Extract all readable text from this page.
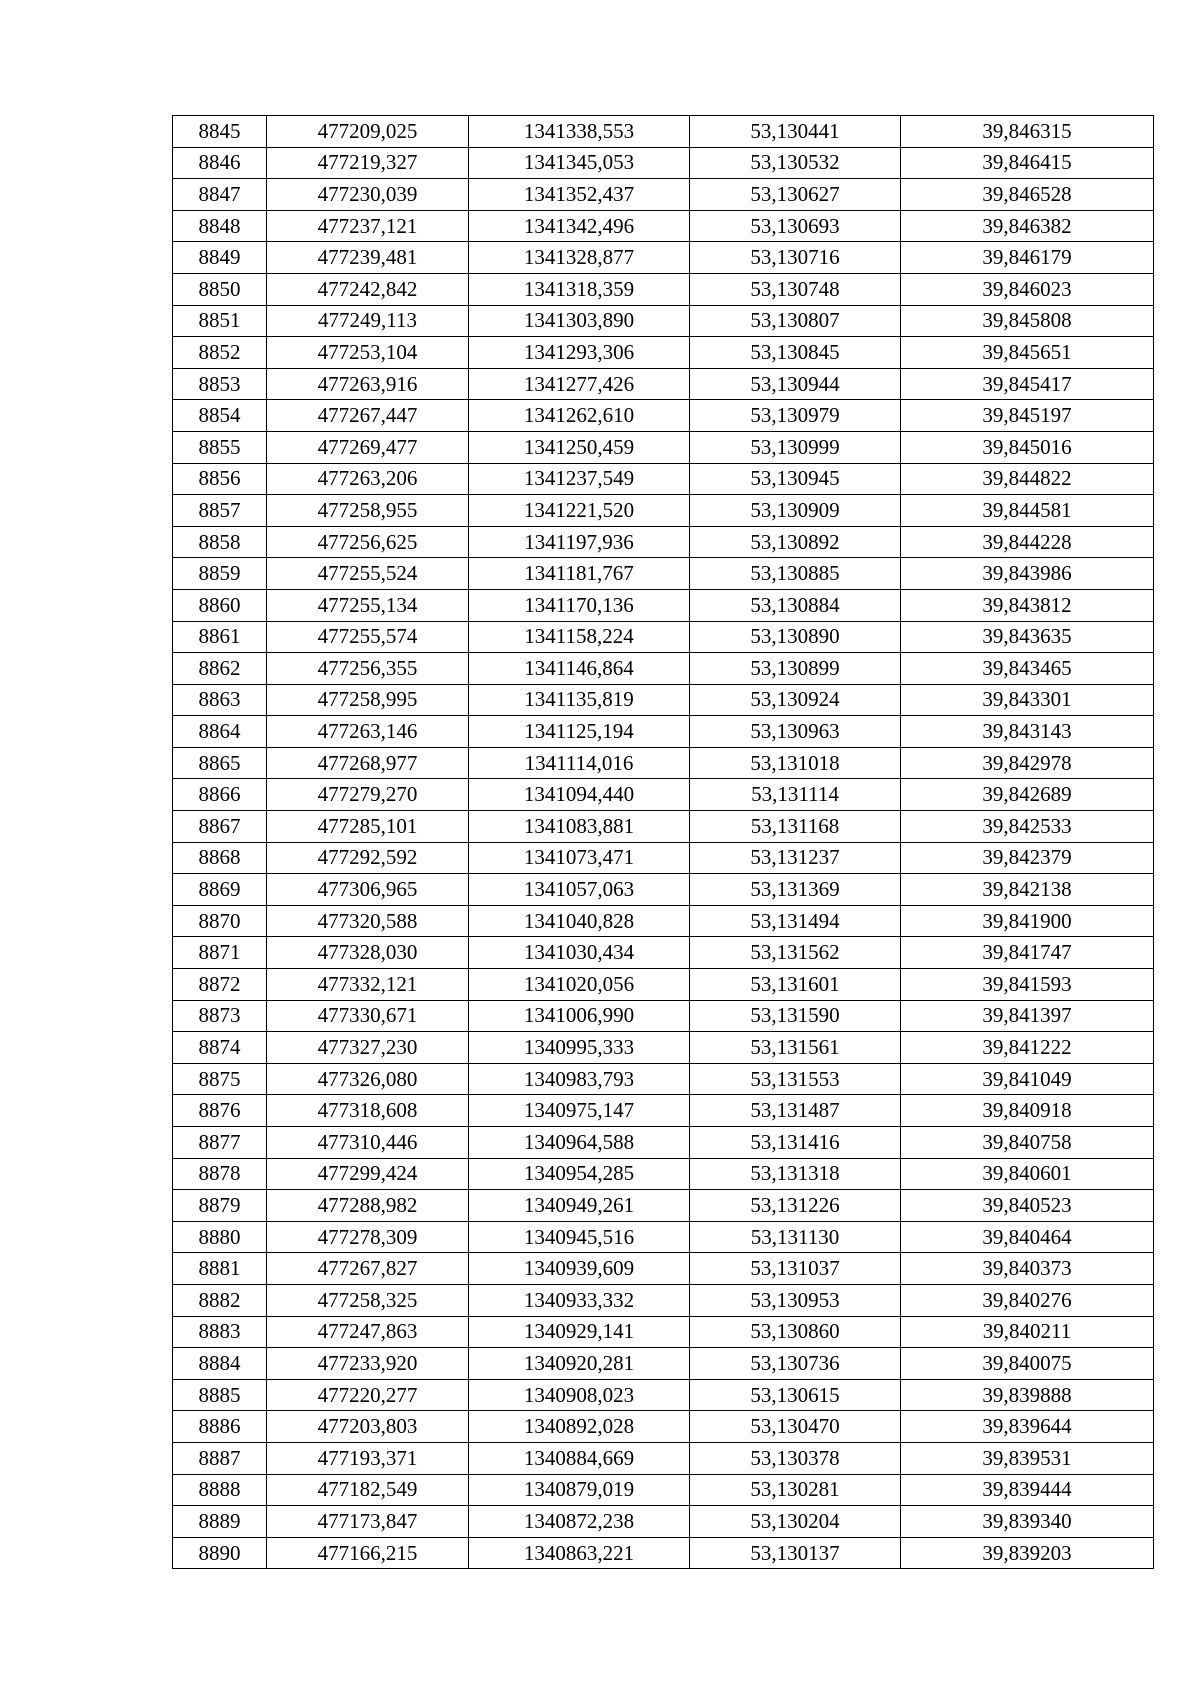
8845	477209,025	1341338,553	53,130441	39,846315
8846	477219,327	1341345,053	53,130532	39,846415
8847	477230,039	1341352,437	53,130627	39,846528
8848	477237,121	1341342,496	53,130693	39,846382
8849	477239,481	1341328,877	53,130716	39,846179
8850	477242,842	1341318,359	53,130748	39,846023
8851	477249,113	1341303,890	53,130807	39,845808
8852	477253,104	1341293,306	53,130845	39,845651
8853	477263,916	1341277,426	53,130944	39,845417
8854	477267,447	1341262,610	53,130979	39,845197
8855	477269,477	1341250,459	53,130999	39,845016
8856	477263,206	1341237,549	53,130945	39,844822
8857	477258,955	1341221,520	53,130909	39,844581
8858	477256,625	1341197,936	53,130892	39,844228
8859	477255,524	1341181,767	53,130885	39,843986
8860	477255,134	1341170,136	53,130884	39,843812
8861	477255,574	1341158,224	53,130890	39,843635
8862	477256,355	1341146,864	53,130899	39,843465
8863	477258,995	1341135,819	53,130924	39,843301
8864	477263,146	1341125,194	53,130963	39,843143
8865	477268,977	1341114,016	53,131018	39,842978
8866	477279,270	1341094,440	53,131114	39,842689
8867	477285,101	1341083,881	53,131168	39,842533
8868	477292,592	1341073,471	53,131237	39,842379
8869	477306,965	1341057,063	53,131369	39,842138
8870	477320,588	1341040,828	53,131494	39,841900
8871	477328,030	1341030,434	53,131562	39,841747
8872	477332,121	1341020,056	53,131601	39,841593
8873	477330,671	1341006,990	53,131590	39,841397
8874	477327,230	1340995,333	53,131561	39,841222
8875	477326,080	1340983,793	53,131553	39,841049
8876	477318,608	1340975,147	53,131487	39,840918
8877	477310,446	1340964,588	53,131416	39,840758
8878	477299,424	1340954,285	53,131318	39,840601
8879	477288,982	1340949,261	53,131226	39,840523
8880	477278,309	1340945,516	53,131130	39,840464
8881	477267,827	1340939,609	53,131037	39,840373
8882	477258,325	1340933,332	53,130953	39,840276
8883	477247,863	1340929,141	53,130860	39,840211
8884	477233,920	1340920,281	53,130736	39,840075
8885	477220,277	1340908,023	53,130615	39,839888
8886	477203,803	1340892,028	53,130470	39,839644
8887	477193,371	1340884,669	53,130378	39,839531
8888	477182,549	1340879,019	53,130281	39,839444
8889	477173,847	1340872,238	53,130204	39,839340
8890	477166,215	1340863,221	53,130137	39,839203
